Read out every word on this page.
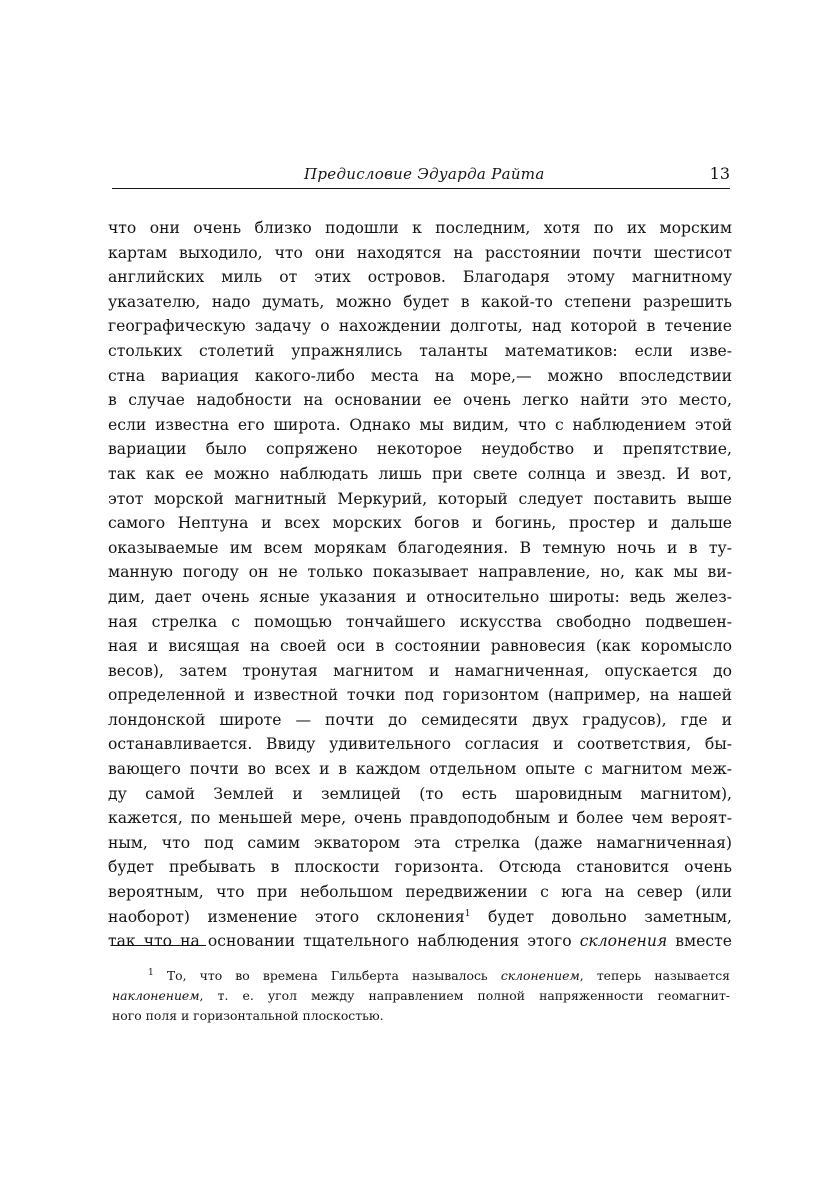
Предисловие Эдуарда Райта	13
что они очень близко подошли к последним, хотя по их морским
картам выходило, что они находятся на расстоянии почти шестисот
английских миль от этих островов. Благодаря этому магнитному
указателю, надо думать, можно будет в какой-то степени разрешить
географическую задачу о нахождении долготы, над которой в течение
стольких столетий упражнялись таланты математиков: если изве-
стна вариация какого-либо места на море,— можно впоследствии
в случае надобности на основании ее очень легко найти это место,
если известна его широта. Однако мы видим, что с наблюдением этой
вариации было сопряжено некоторое неудобство и препятствие,
так как ее можно наблюдать лишь при свете солнца и звезд. И вот,
этот морской магнитный Меркурий, который следует поставить выше
самого Нептуна и всех морских богов и богинь, простер и дальше
оказываемые им всем морякам благодеяния. В темную ночь и в ту-
манную погоду он не только показывает направление, но, как мы ви-
дим, дает очень ясные указания и относительно широты: ведь желез-
ная стрелка с помощью тончайшего искусства свободно подвешен-
ная и висящая на своей оси в состоянии равновесия (как коромысло
весов), затем тронутая магнитом и намагниченная, опускается до
определенной и известной точки под горизонтом (например, на нашей
лондонской широте — почти до семидесяти двух градусов), где и
останавливается. Ввиду удивительного согласия и соответствия, бы-
вающего почти во всех и в каждом отдельном опыте с магнитом меж-
ду самой Землей и землицей (то есть шаровидным магнитом),
кажется, по меньшей мере, очень правдоподобным и более чем вероят-
ным, что под самим экватором эта стрелка (даже намагниченная)
будет пребывать в плоскости горизонта. Отсюда становится очень
вероятным, что при небольшом передвижении с юга на север (или
наоборот) изменение этого склонения$^1$ будет довольно заметным,
так что на основании тщательного наблюдения этого склонения вместе
$^1$ То, что во времена Гильберта называлось склонением, теперь называется
наклонением, т. е. угол между направлением полной напряженности геомагнит-
ного поля и горизонтальной плоскостью.
